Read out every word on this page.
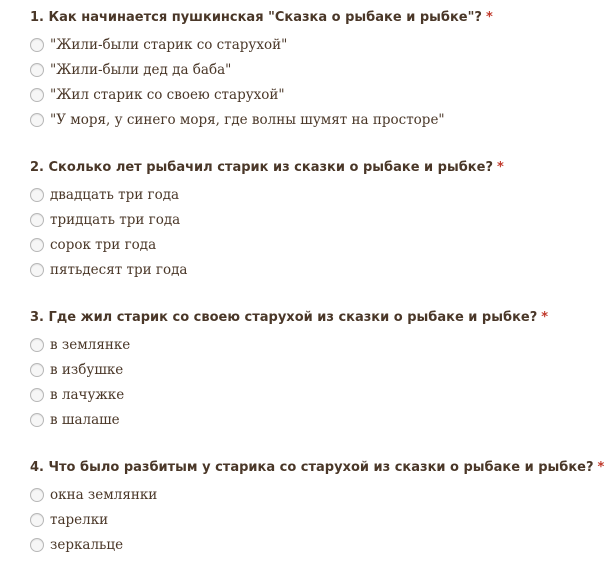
1. Как начинается пушкинская "Сказка о рыбаке и рыбке"? *
"Жили-были старик со старухой"
"Жили-были дед да баба"
"Жил старик со своею старухой"
"У моря, у синего моря, где волны шумят на просторе"
2. Сколько лет рыбачил старик из сказки о рыбаке и рыбке? *
двадцать три года
тридцать три года
сорок три года
пятьдесят три года
3. Где жил старик со своею старухой из сказки о рыбаке и рыбке? *
в землянке
в избушке
в лачужке
в шалаше
4. Что было разбитым у старика со старухой из сказки о рыбаке и рыбке? *
окна землянки
тарелки
зеркальце
